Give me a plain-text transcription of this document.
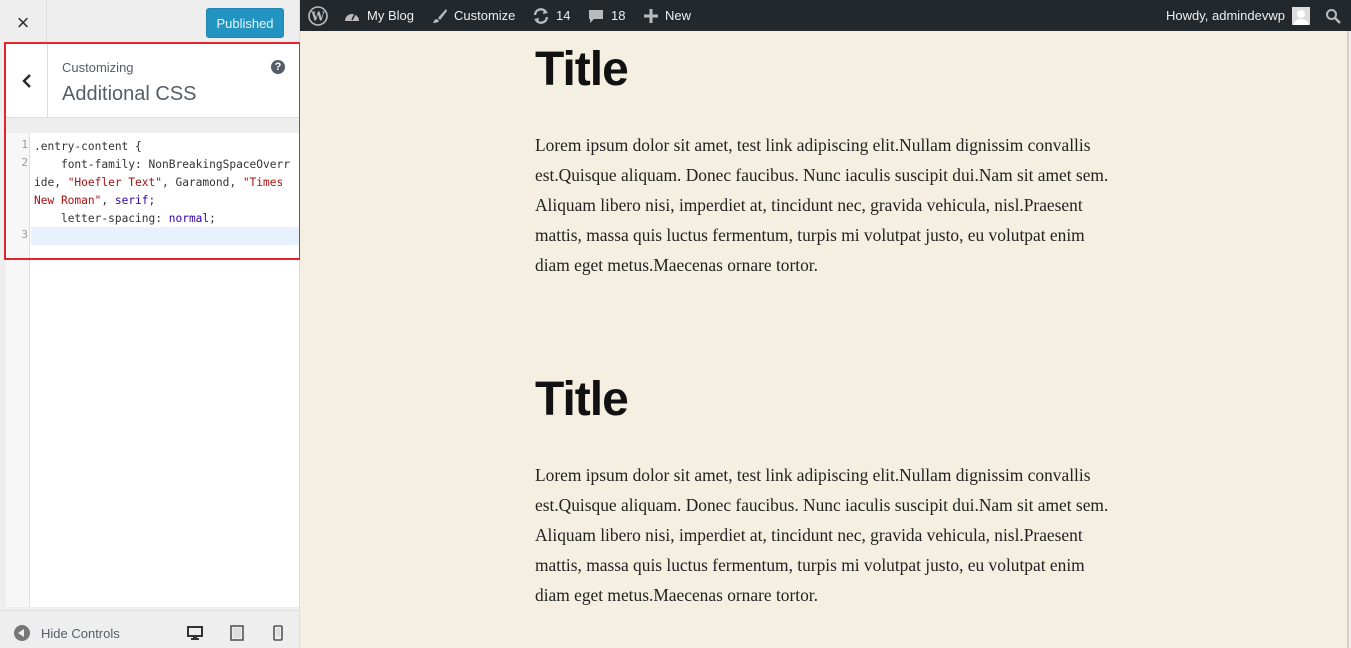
×	Published
Customizing
Additional CSS
?
1
2
3
.entry-content {
font-family: NonBreakingSpaceOverride, "Hoefler Text", Garamond, "Times New Roman", serif;
letter-spacing: normal;
Hide Controls
W	My Blog	Customize	14	18	New	Howdy, admindevwp
Title

Lorem ipsum dolor sit amet, test link adipiscing elit.Nullam dignissim convallis est.Quisque aliquam. Donec faucibus. Nunc iaculis suscipit dui.Nam sit amet sem. Aliquam libero nisi, imperdiet at, tincidunt nec, gravida vehicula, nisl.Praesent mattis, massa quis luctus fermentum, turpis mi volutpat justo, eu volutpat enim diam eget metus.Maecenas ornare tortor.

Title

Lorem ipsum dolor sit amet, test link adipiscing elit.Nullam dignissim convallis est.Quisque aliquam. Donec faucibus. Nunc iaculis suscipit dui.Nam sit amet sem. Aliquam libero nisi, imperdiet at, tincidunt nec, gravida vehicula, nisl.Praesent mattis, massa quis luctus fermentum, turpis mi volutpat justo, eu volutpat enim diam eget metus.Maecenas ornare tortor.
